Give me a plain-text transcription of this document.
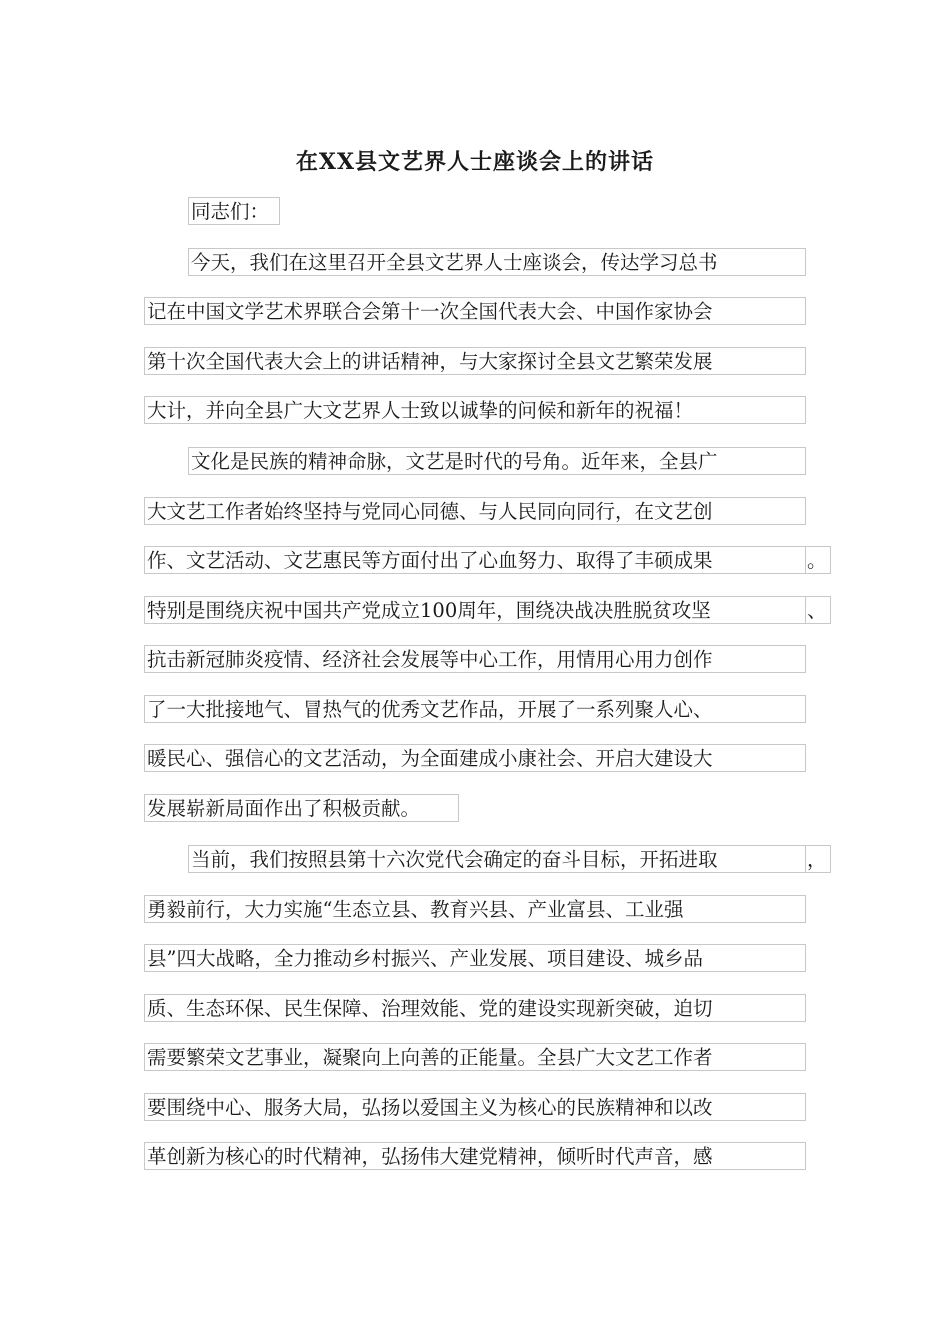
在XX县文艺界人士座谈会上的讲话
同志们：
今天，我们在这里召开全县文艺界人士座谈会，传达学习总书
记在中国文学艺术界联合会第十一次全国代表大会、中国作家协会
第十次全国代表大会上的讲话精神，与大家探讨全县文艺繁荣发展
大计，并向全县广大文艺界人士致以诚挚的问候和新年的祝福！
文化是民族的精神命脉，文艺是时代的号角。近年来，全县广
大文艺工作者始终坚持与党同心同德、与人民同向同行，在文艺创
作、文艺活动、文艺惠民等方面付出了心血努力、取得了丰硕成果	。
特别是围绕庆祝中国共产党成立100周年，围绕决战决胜脱贫攻坚	、
抗击新冠肺炎疫情、经济社会发展等中心工作，用情用心用力创作
了一大批接地气、冒热气的优秀文艺作品，开展了一系列聚人心、
暖民心、强信心的文艺活动，为全面建成小康社会、开启大建设大
发展崭新局面作出了积极贡献。
当前，我们按照县第十六次党代会确定的奋斗目标，开拓进取	，
勇毅前行，大力实施“生态立县、教育兴县、产业富县、工业强
县”四大战略，全力推动乡村振兴、产业发展、项目建设、城乡品
质、生态环保、民生保障、治理效能、党的建设实现新突破，迫切
需要繁荣文艺事业，凝聚向上向善的正能量。全县广大文艺工作者
要围绕中心、服务大局，弘扬以爱国主义为核心的民族精神和以改
革创新为核心的时代精神，弘扬伟大建党精神，倾听时代声音，感
